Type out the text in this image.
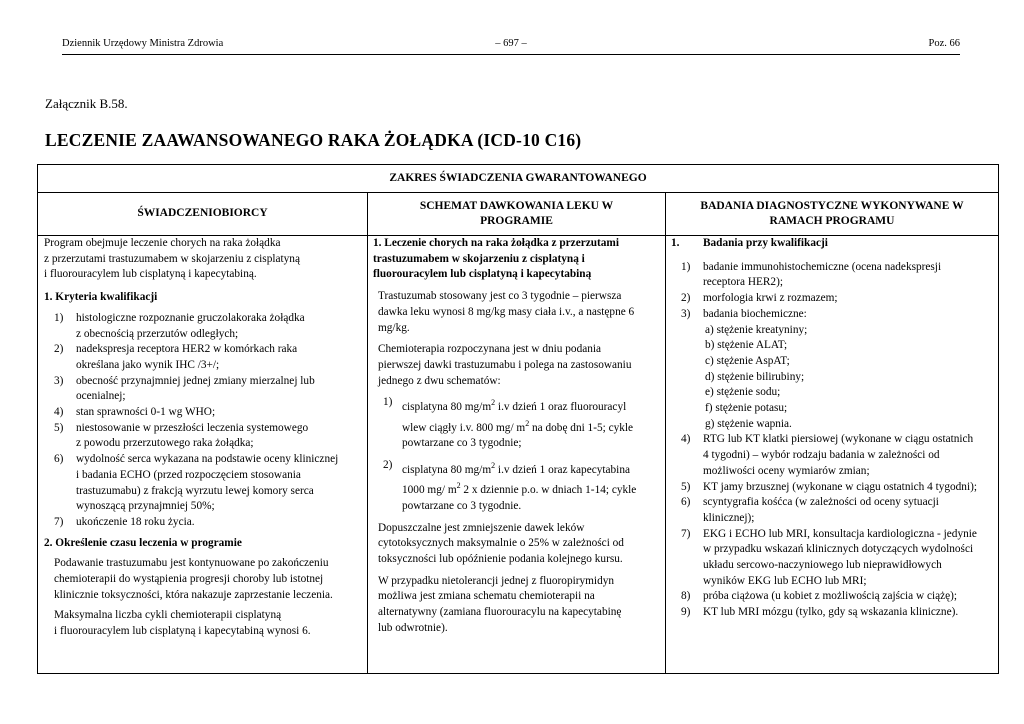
Dziennik Urzędowy Ministra Zdrowia	– 697 –	Poz. 66
Załącznik B.58.
LECZENIE ZAAWANSOWANEGO RAKA ŻOŁĄDKA (ICD-10 C16)
ZAKRES ŚWIADCZENIA GWARANTOWANEGO
ŚWIADCZENIOBIORCY
SCHEMAT DAWKOWANIA LEKU W PROGRAMIE
BADANIA DIAGNOSTYCZNE WYKONYWANE W RAMACH PROGRAMU

Program obejmuje leczenie chorych na raka żołądka

z przerzutami trastuzumabem w skojarzeniu z cisplatyną

i fluorouracylem lub cisplatyną i kapecytabiną.

1. Kryteria kwalifikacji

1) histologiczne rozpoznanie gruczolakoraka żołądka

z obecnością przerzutów odległych;

2) nadekspresja receptora HER2 w komórkach raka

określana jako wynik IHC /3+/;

3) obecność przynajmniej jednej zmiany mierzalnej lub

ocenialnej;

4) stan sprawności 0-1 wg WHO;

5) niestosowanie w przeszłości leczenia systemowego

z powodu przerzutowego raka żołądka;

6) wydolność serca wykazana na podstawie oceny klinicznej

i badania ECHO (przed rozpoczęciem stosowania

trastuzumabu) z frakcją wyrzutu lewej komory serca

wynoszącą przynajmniej 50%;

7) ukończenie 18 roku życia.

2. Określenie czasu leczenia w programie

Podawanie trastuzumabu jest kontynuowane po zakończeniu

chemioterapii do wystąpienia progresji choroby lub istotnej

klinicznie toksyczności, która nakazuje zaprzestanie leczenia.

Maksymalna liczba cykli chemioterapii cisplatyną

i fluorouracylem lub cisplatyną i kapecytabiną wynosi 6.

1. Leczenie chorych na raka żołądka z przerzutami

trastuzumabem w skojarzeniu z cisplatyną i

fluorouracylem lub cisplatyną i kapecytabiną

Trastuzumab stosowany jest co 3 tygodnie – pierwsza

dawka leku wynosi 8 mg/kg masy ciała i.v., a następne 6

mg/kg.

Chemioterapia rozpoczynana jest w dniu podania

pierwszej dawki trastuzumabu i polega na zastosowaniu

jednego z dwu schematów:

1) cisplatyna 80 $mg/m^2$ i.v dzień 1 oraz fluorouracyl

wlew ciągły i.v. 800 mg/ $m^2$ na dobę dni 1-5; cykle

powtarzane co 3 tygodnie;

2) cisplatyna 80 $mg/m^2$ i.v dzień 1 oraz kapecytabina

1000 mg/ $m^2$ 2 x dziennie p.o. w dniach 1-14; cykle

powtarzane co 3 tygodnie.

Dopuszczalne jest zmniejszenie dawek leków

cytotoksycznych maksymalnie o 25% w zależności od

toksyczności lub opóźnienie podania kolejnego kursu.

W przypadku nietolerancji jednej z fluoropirymidyn

możliwa jest zmiana schematu chemioterapii na

alternatywny (zamiana fluorouracylu na kapecytabinę

lub odwrotnie).

1. Badania przy kwalifikacji
1) badanie immunohistochemiczne (ocena nadekspresji

receptora HER2);

2) morfologia krwi z rozmazem;

3) badania biochemiczne:

a) stężenie kreatyniny;

b) stężenie ALAT;

c) stężenie AspAT;

d) stężenie bilirubiny;

e) stężenie sodu;

f) stężenie potasu;

g) stężenie wapnia.

4) RTG lub KT klatki piersiowej (wykonane w ciągu ostatnich

4 tygodni) – wybór rodzaju badania w zależności od

możliwości oceny wymiarów zmian;

5) KT jamy brzusznej (wykonane w ciągu ostatnich 4 tygodni);

6) scyntygrafia kośćca (w zależności od oceny sytuacji

klinicznej);

7) EKG i ECHO lub MRI, konsultacja kardiologiczna - jedynie

w przypadku wskazań klinicznych dotyczących wydolności

układu sercowo-naczyniowego lub nieprawidłowych

wyników EKG lub ECHO lub MRI;

8) próba ciążowa (u kobiet z możliwością zajścia w ciążę);

9) KT lub MRI mózgu (tylko, gdy są wskazania kliniczne).
